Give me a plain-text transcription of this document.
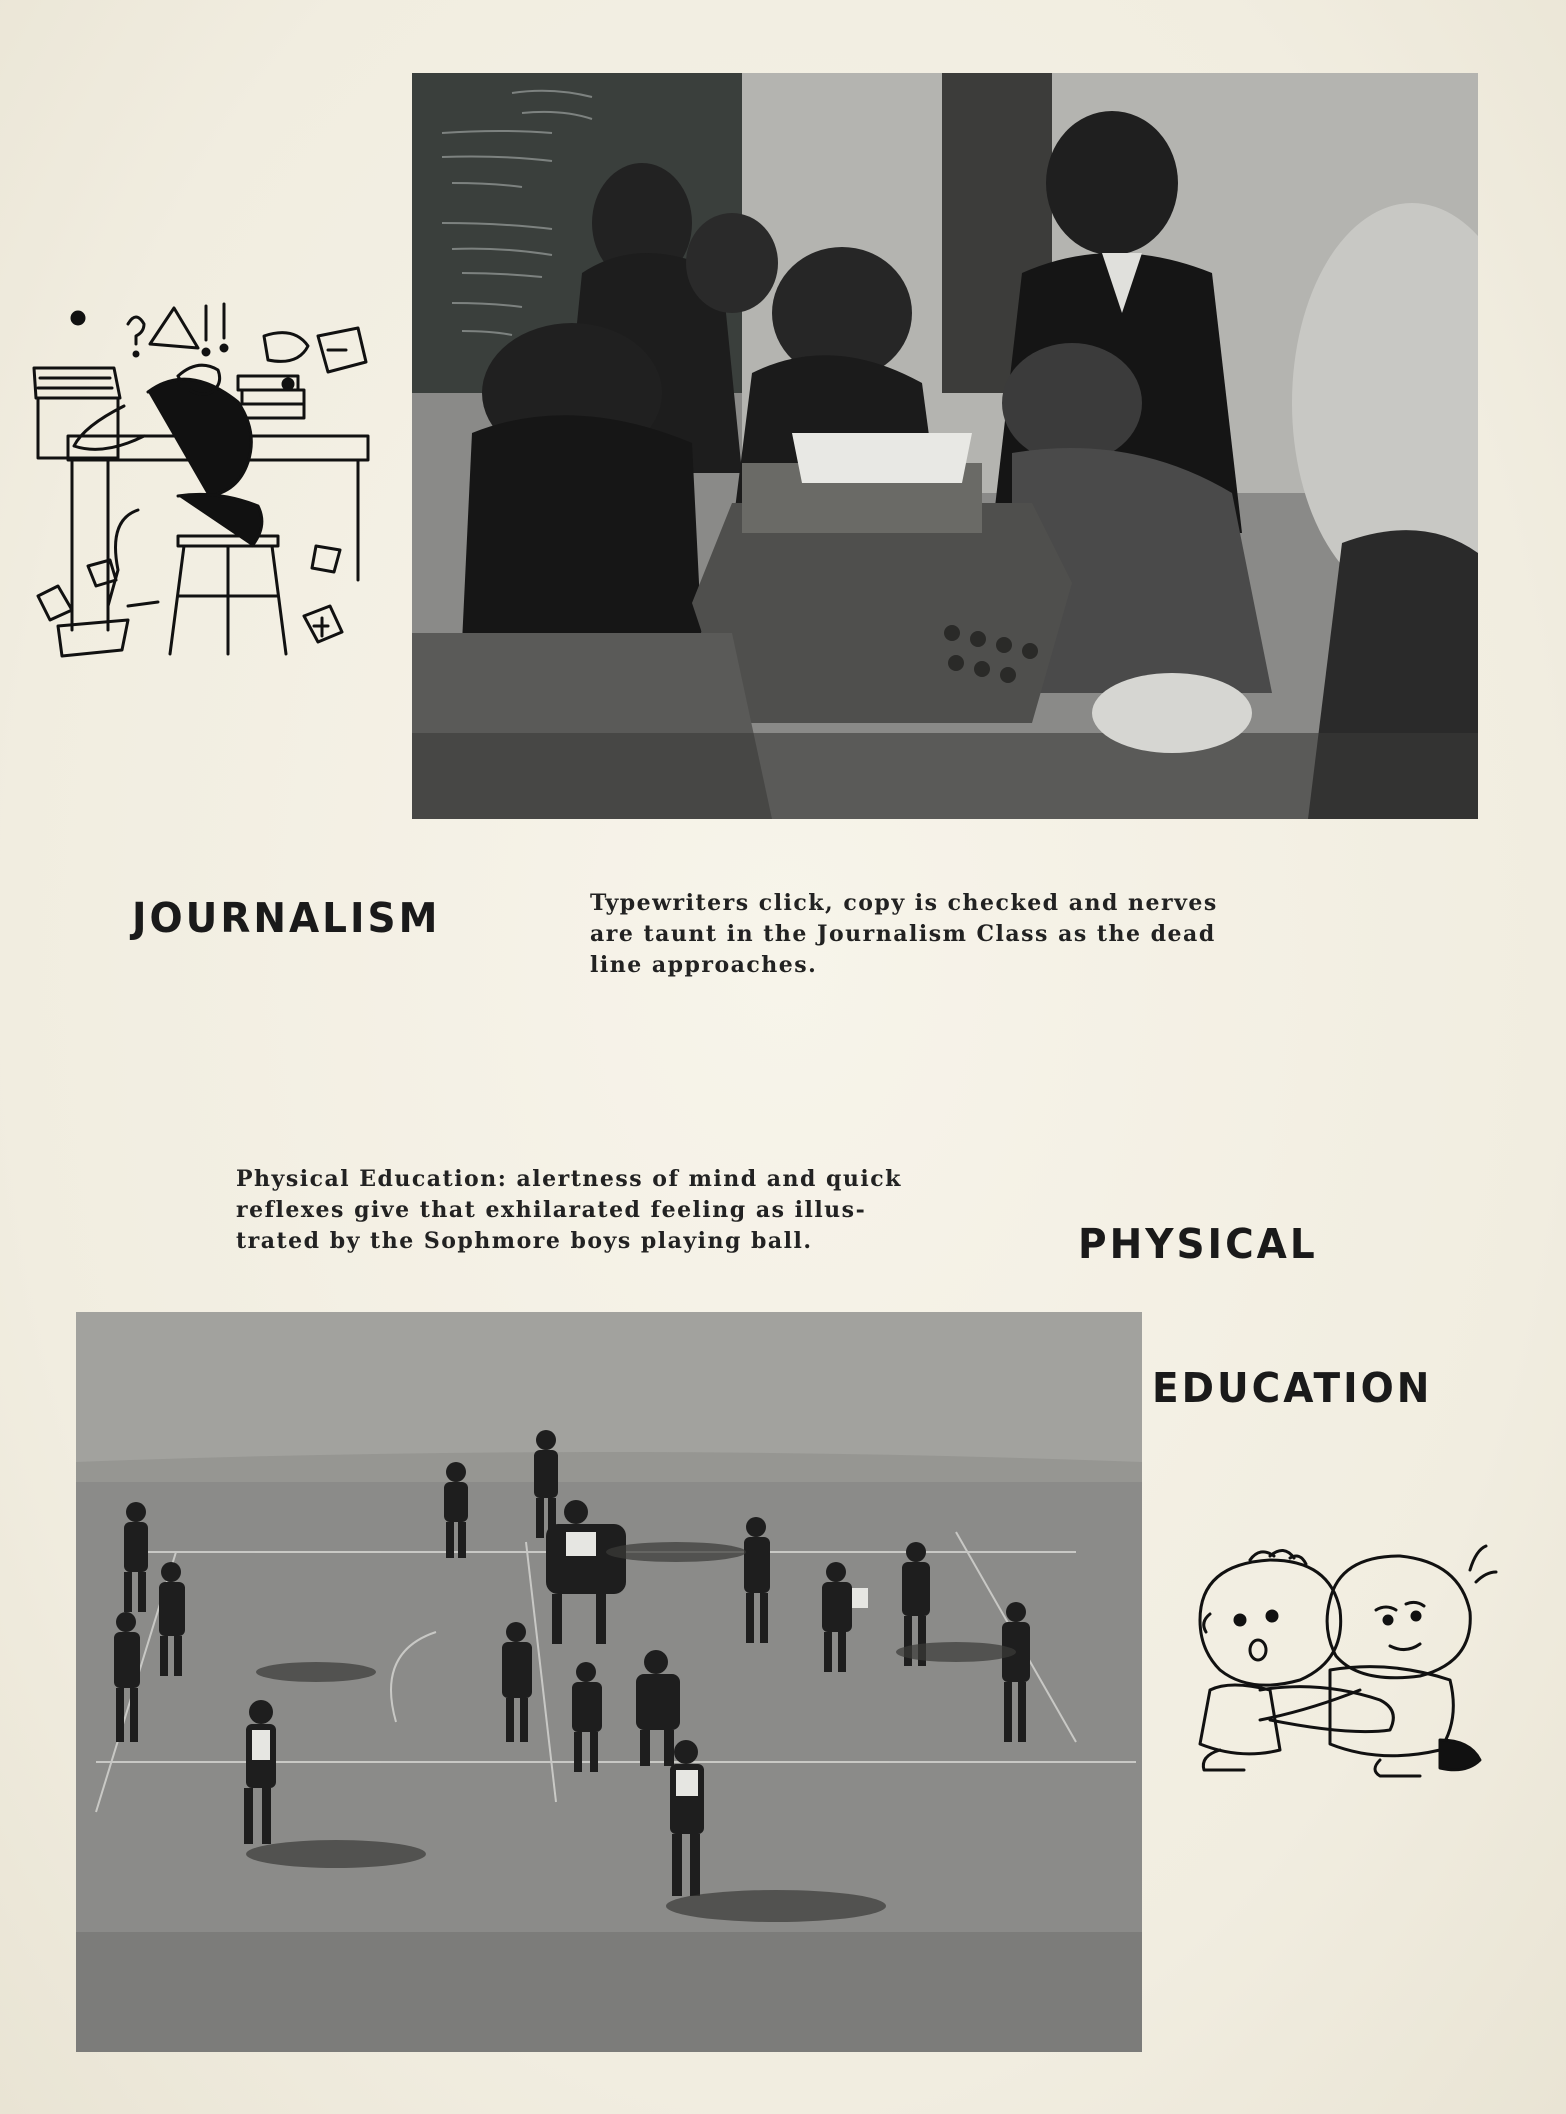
journalism	Typewriters click, copy is checked and nerves are taunt in the Journalism Class as the dead line approaches.

Physical Education: alertness of mind and quick reflexes give that exhilarated feeling as illus-trated by the Sophmore boys playing ball.	physical
education
